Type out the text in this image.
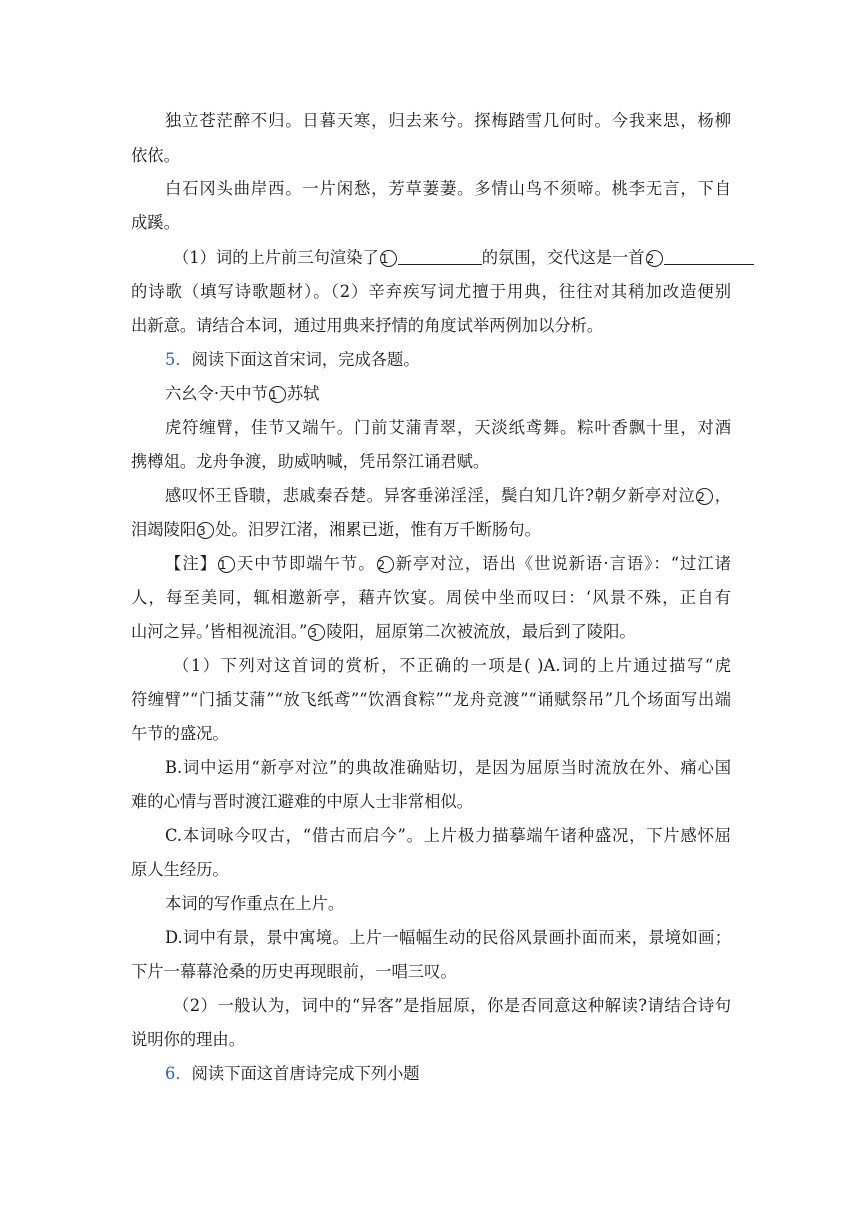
独立苍茫醉不归。日暮天寒，归去来兮。探梅踏雪几何时。今我来思，杨柳
依依。
白石冈头曲岸西。一片闲愁，芳草萋萋。多情山鸟不须啼。桃李无言，下自
成蹊。
（1）词的上片前三句渲染了 1	的氛围，交代这是一首 2
的诗歌（填写诗歌题材）。（2）辛弃疾写词尤擅于用典，往往对其稍加改造便别
出新意。请结合本词，通过用典来抒情的角度试举两例加以分析。
5．阅读下面这首宋词，完成各题。
六幺令·天中节 1 苏轼
虎符缠臂，佳节又端午。门前艾蒲青翠，天淡纸鸢舞。粽叶香飘十里，对酒
携樽俎。龙舟争渡，助威呐喊，凭吊祭江诵君赋。
感叹怀王昏聩，悲戚秦吞楚。异客垂涕淫淫，鬓白知几许?朝夕新亭对泣 2 ，
泪竭陵阳 3 处。汨罗江渚，湘累已逝，惟有万千断肠句。
【注】 1 天中节即端午节。 2 新亭对泣，语出《世说新语·言语》：“过江诸
人，每至美同，辄相邀新亭，藉卉饮宴。周侯中坐而叹曰：‘风景不殊，正自有
山河之异。’皆相视流泪。” 3 陵阳，屈原第二次被流放，最后到了陵阳。
（1）下列对这首词的赏析，不正确的一项是( )A.词的上片通过描写“虎
符缠臂”“门插艾蒲”“放飞纸鸢”“饮酒食粽”“龙舟竞渡”“诵赋祭吊”几个场面写出端
午节的盛况。
B.词中运用“新亭对泣”的典故准确贴切，是因为屈原当时流放在外、痛心国
难的心情与晋时渡江避难的中原人士非常相似。
C.本词咏今叹古，“借古而启今”。上片极力描摹端午诸种盛况，下片感怀屈
原人生经历。
本词的写作重点在上片。
D.词中有景，景中寓境。上片一幅幅生动的民俗风景画扑面而来，景境如画；
下片一幕幕沧桑的历史再现眼前，一唱三叹。
（2）一般认为，词中的“异客”是指屈原，你是否同意这种解读?请结合诗句
说明你的理由。
6．阅读下面这首唐诗完成下列小题
